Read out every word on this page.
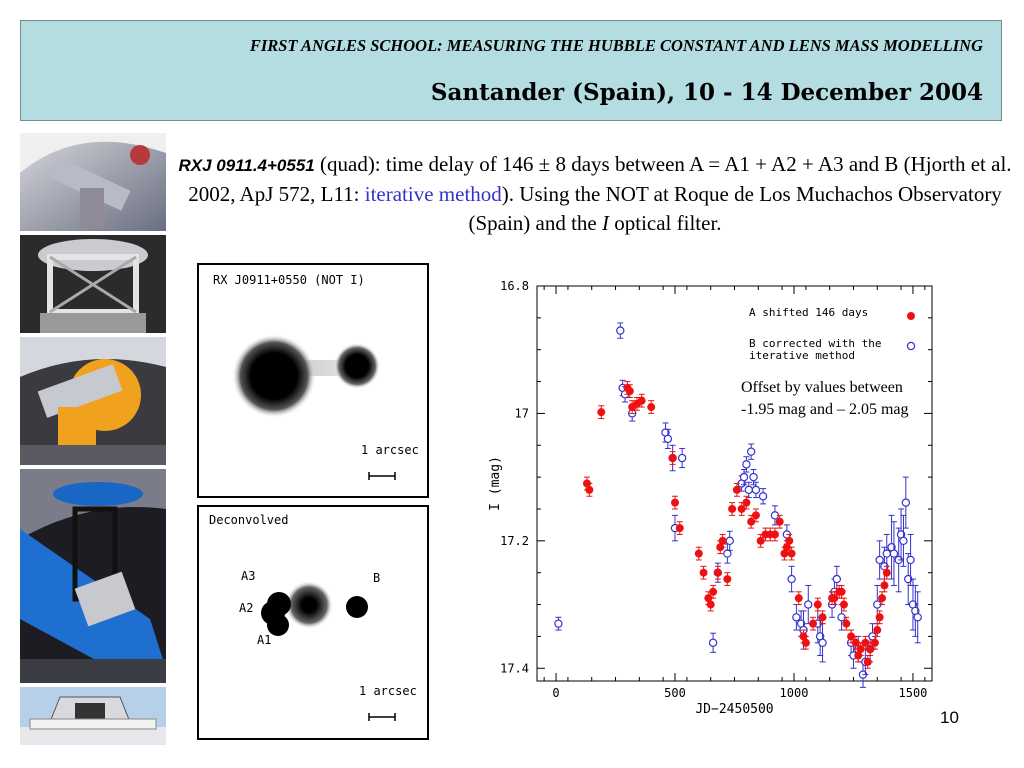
FIRST ANGLES SCHOOL: MEASURING THE HUBBLE CONSTANT AND LENS MASS MODELLING
Santander (Spain), 10 - 14 December 2004
RXJ 0911.4+0551 (quad): time delay of 146 ± 8 days between A = A1 + A2 + A3 and B (Hjorth et al. 2002, ApJ 572, L11: iterative method). Using the NOT at Roque de Los Muchachos Observatory (Spain) and the I optical filter.
RX J0911+0550 (NOT I)
1 arcsec
Deconvolved
A3
A2
A1
B
1 arcsec	0	500	1000	1500
16.8
17
17.2
17.4
JD−2450500
I (mag)
A shifted 146 days
B corrected with the
iterative method
Offset by values between
-1.95 mag and – 2.05 mag
10
